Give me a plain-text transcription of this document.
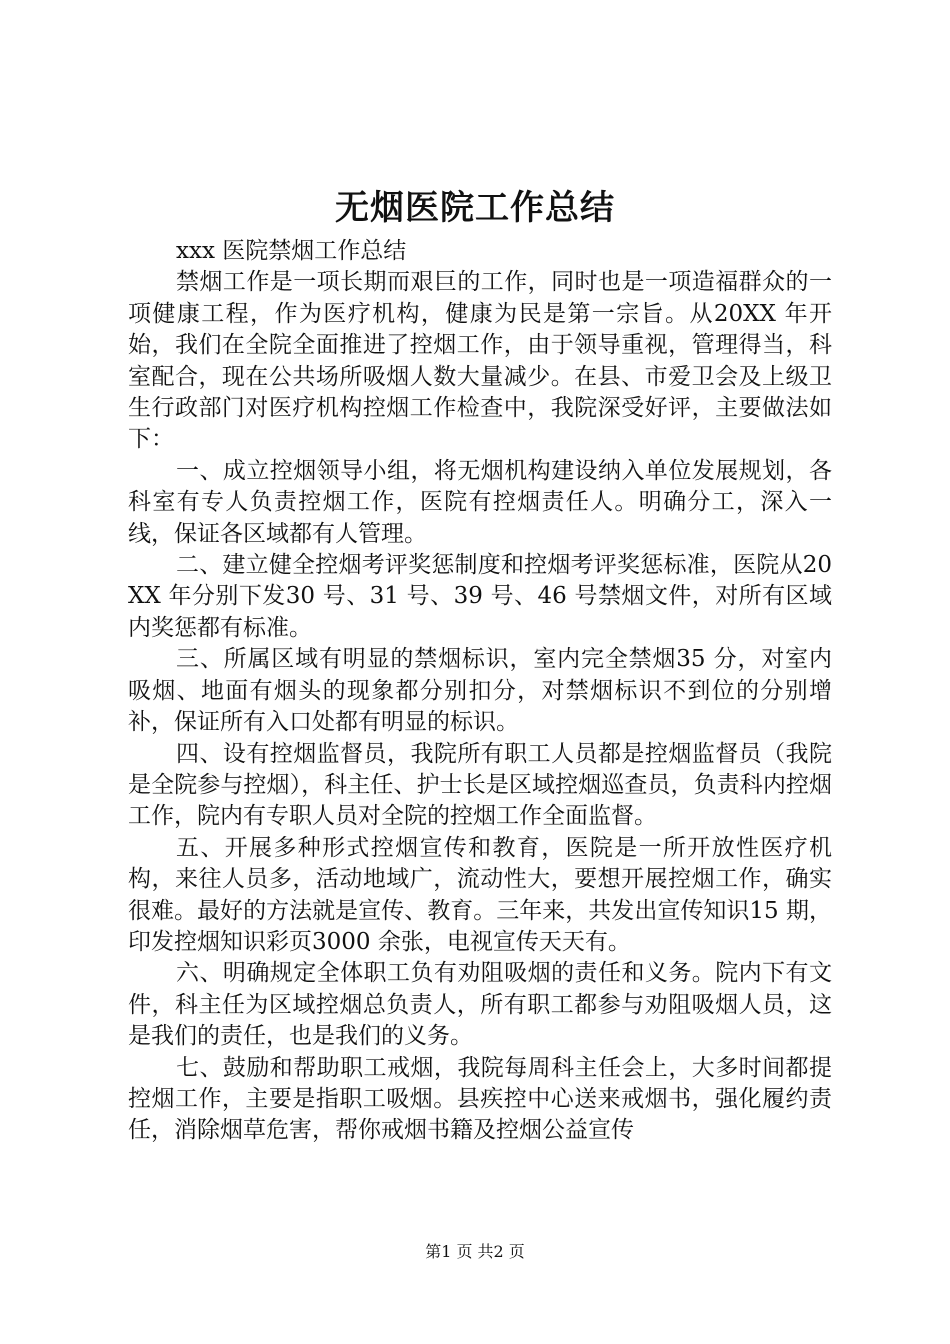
无烟医院工作总结

xxx 医院禁烟工作总结

禁烟工作是一项长期而艰巨的工作，同时也是一项造福群众的一项健康工程，作为医疗机构，健康为民是第一宗旨。从20XX 年开始，我们在全院全面推进了控烟工作，由于领导重视，管理得当，科室配合，现在公共场所吸烟人数大量减少。在县、市爱卫会及上级卫生行政部门对医疗机构控烟工作检查中，我院深受好评，主要做法如下：

一、成立控烟领导小组，将无烟机构建设纳入单位发展规划，各科室有专人负责控烟工作，医院有控烟责任人。明确分工，深入一线，保证各区域都有人管理。

二、建立健全控烟考评奖惩制度和控烟考评奖惩标准，医院从20XX 年分别下发30 号、31 号、39 号、46 号禁烟文件，对所有区域内奖惩都有标准。

三、所属区域有明显的禁烟标识，室内完全禁烟35 分，对室内吸烟、地面有烟头的现象都分别扣分，对禁烟标识不到位的分别增补，保证所有入口处都有明显的标识。

四、设有控烟监督员，我院所有职工人员都是控烟监督员（我院是全院参与控烟），科主任、护士长是区域控烟巡查员，负责科内控烟工作，院内有专职人员对全院的控烟工作全面监督。

五、开展多种形式控烟宣传和教育，医院是一所开放性医疗机构，来往人员多，活动地域广，流动性大，要想开展控烟工作，确实很难。最好的方法就是宣传、教育。三年来，共发出宣传知识15 期，印发控烟知识彩页3000 余张，电视宣传天天有。

六、明确规定全体职工负有劝阻吸烟的责任和义务。院内下有文件，科主任为区域控烟总负责人，所有职工都参与劝阻吸烟人员，这是我们的责任，也是我们的义务。

七、鼓励和帮助职工戒烟，我院每周科主任会上，大多时间都提控烟工作，主要是指职工吸烟。县疾控中心送来戒烟书，强化履约责任，消除烟草危害，帮你戒烟书籍及控烟公益宣传

第1 页 共2 页
